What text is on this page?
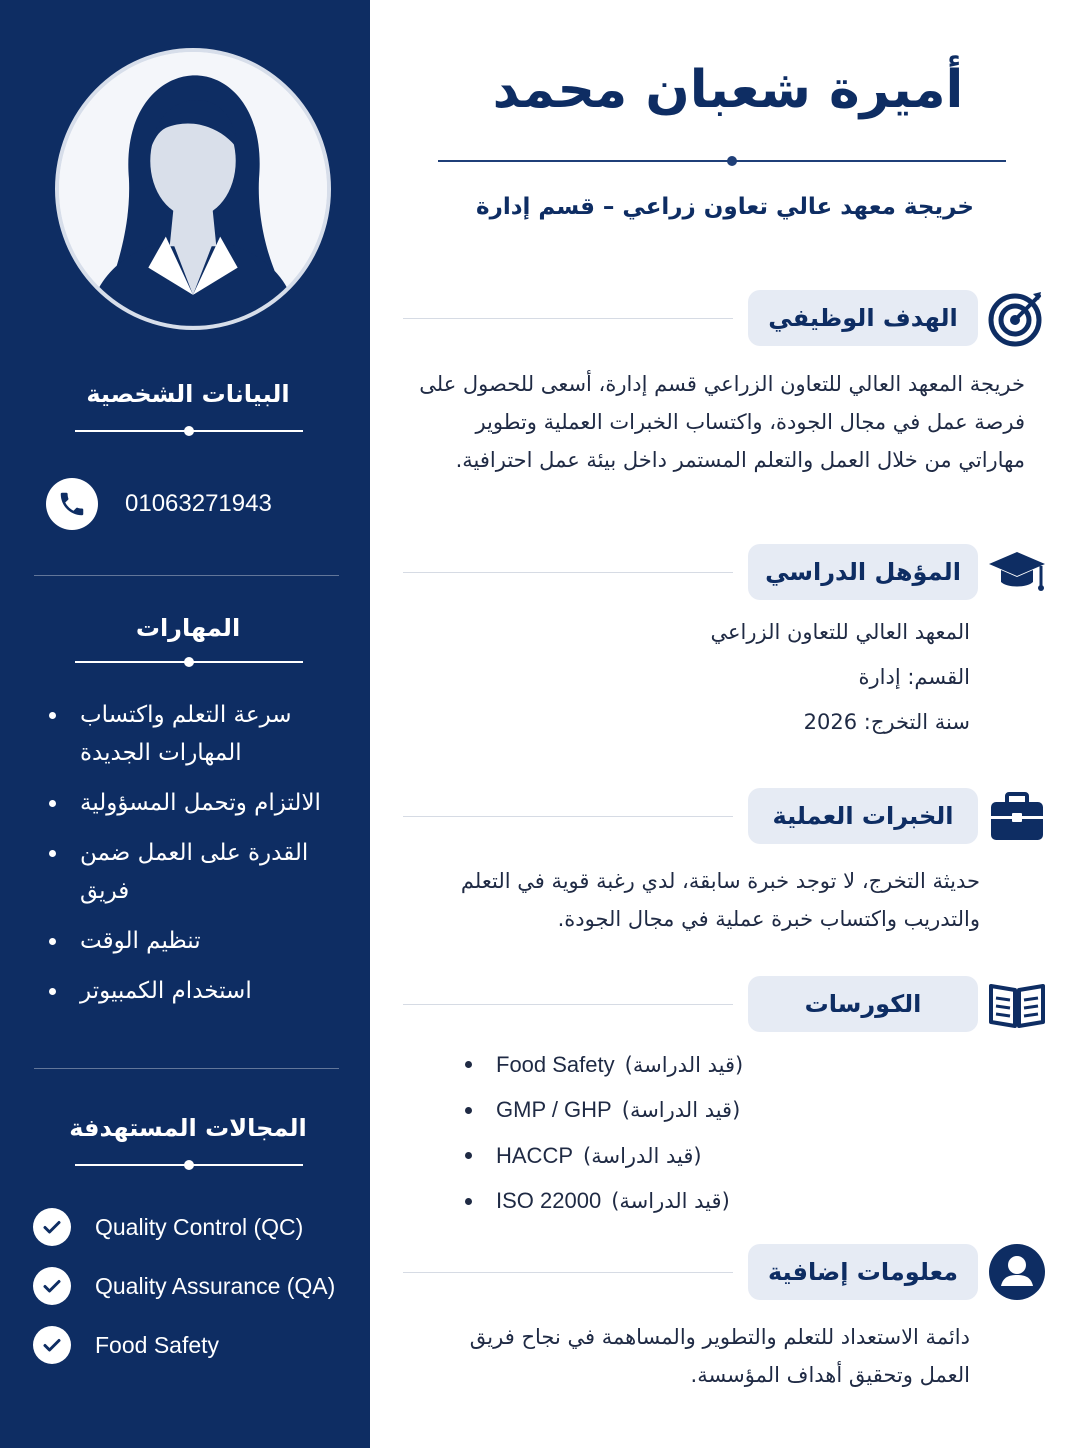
البيانات الشخصية
01063271943
المهارات
سرعة التعلم واكتساب المهارات الجديدة
الالتزام وتحمل المسؤولية
القدرة على العمل ضمن فريق
تنظيم الوقت
استخدام الكمبيوتر
المجالات المستهدفة
Quality Control (QC)
Quality Assurance (QA)
Food Safety
أميرة شعبان محمد
خريجة معهد عالي تعاون زراعي – قسم إدارة
الهدف الوظيفي

خريجة المعهد العالي للتعاون الزراعي قسم إدارة، أسعى للحصول على فرصة عمل في مجال الجودة، واكتساب الخبرات العملية وتطوير مهاراتي من خلال العمل والتعلم المستمر داخل بيئة عمل احترافية.

المؤهل الدراسي
المعهد العالي للتعاون الزراعي
القسم: إدارة
سنة التخرج: 2026
الخبرات العملية

حديثة التخرج، لا توجد خبرة سابقة، لدي رغبة قوية في التعلم والتدريب واكتساب خبرة عملية في مجال الجودة.

الكورسات
Food Safety (قيد الدراسة)
GMP / GHP (قيد الدراسة)
HACCP (قيد الدراسة)
ISO 22000 (قيد الدراسة)
معلومات إضافية

دائمة الاستعداد للتعلم والتطوير والمساهمة في نجاح فريق العمل وتحقيق أهداف المؤسسة.
